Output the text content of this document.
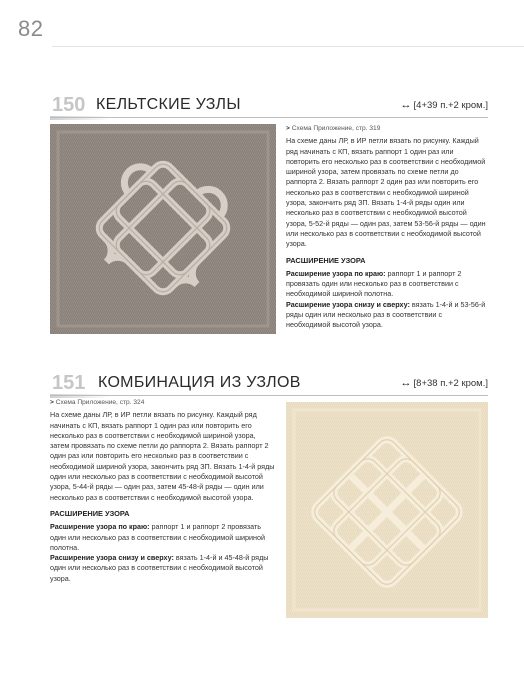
82
150 КЕЛЬТСКИЕ УЗЛЫ	↔ [4+39 п.+2 кром.]
> Схема Приложение, стр. 319

На схеме даны ЛР, в ИР петли вязать по рисунку. Каждый ряд начинать с КП, вязать раппорт 1 один раз или повторить его несколько раз в соответствии с необходимой шириной узора, затем провязать по схеме петли до раппорта 2. Вязать раппорт 2 один раз или повторить его несколько раз в соответствии с необходимой шириной узора, закончить ряд ЗП. Вязать 1-4-й ряды один или несколько раз в соответствии с необходимой высотой узора, 5-52-й ряды — один раз, затем 53-56-й ряды — один или несколько раз в соответствии с необходимой высотой узора.

РАСШИРЕНИЕ УЗОРА

Расширение узора по краю: раппорт 1 и раппорт 2 провязать один или несколько раз в соответствии с необходимой шириной полотна.

Расширение узора снизу и сверху: вязать 1-4-й и 53-56-й ряды один или несколько раз в соответствии с необходимой высотой узора.

151 КОМБИНАЦИЯ ИЗ УЗЛОВ	↔ [8+38 п.+2 кром.]
> Схема Приложение, стр. 324

На схеме даны ЛР, в ИР петли вязать по рисунку. Каждый ряд начинать с КП, вязать раппорт 1 один раз или повторить его несколько раз в соответствии с необходимой шириной узора, затем провязать по схеме петли до раппорта 2. Вязать раппорт 2 один раз или повторить его несколько раз в соответствии с необходимой шириной узора, закончить ряд ЗП. Вязать 1-4-й ряды один или несколько раз в соответствии с необходимой высотой узора, 5-44-й ряды — один раз, затем 45-48-й ряды — один или несколько раз в соответствии с необходимой высотой узора.

РАСШИРЕНИЕ УЗОРА

Расширение узора по краю: раппорт 1 и раппорт 2 провязать один или несколько раз в соответствии с необходимой шириной полотна.

Расширение узора снизу и сверху: вязать 1-4-й и 45-48-й ряды один или несколько раз в соответствии с необходимой высотой узора.
